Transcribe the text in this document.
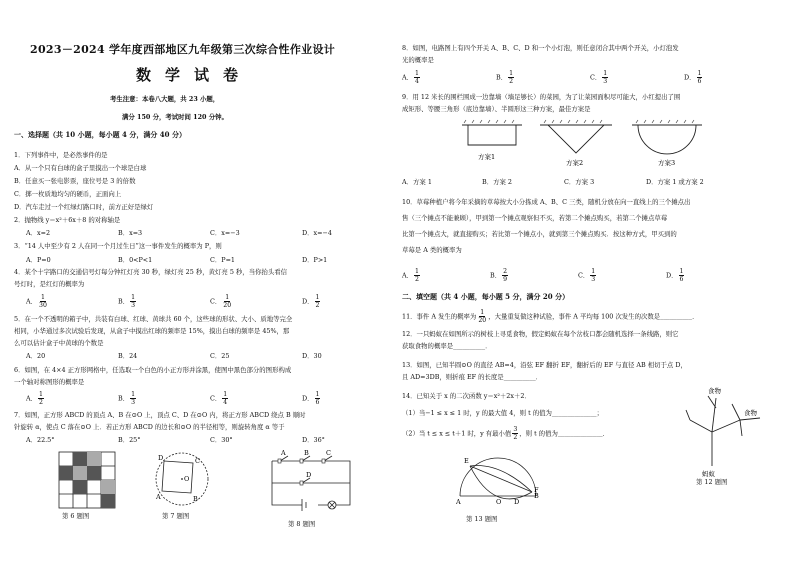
2023－2024 学年度西部地区九年级第三次综合性作业设计
数学试卷
考生注意：本卷八大题，共 23 小题，
满分 150 分，考试时间 120 分钟。
一、选择题（共 10 小题，每小题 4 分，满分 40 分）
1．下列事件中，是必然事件的是
A．从一个只有白球的盒子里摸出一个球是白球
B．任意买一张电影票，座位号是 3 的倍数
C．掷一枚质地均匀的硬币，正面向上
D．汽车走过一个红绿灯路口时，前方正好是绿灯
2．抛物线 y＝x²＋6x＋8 的对称轴是
A．x=2	B．x=3	C．x=−3	D．x=−4
3．“14 人中至少有 2 人在同一个月过生日”这一事件发生的概率为 P，则
A．P=0	B．0<P<1	C．P=1	D．P>1
4．某个十字路口的交通信号灯每分钟红灯亮 30 秒，绿灯亮 25 秒，黄灯亮 5 秒，当你抬头看信
号灯时，是红灯的概率为
A． $\frac{1}{30}$	B． $\frac{1}{3}$	C． $\frac{1}{20}$	D． $\frac{1}{2}$
5．在一个不透明的箱子中，共装有白球、红球、黄球共 60 个，这些球的形状、大小、质地等完全
相同，小华通过多次试验后发现，从盒子中摸出红球的频率是 15%，摸出白球的频率是 45%，那
么可以估计盒子中黄球的个数是
A．20	B．24	C．25	D．30
6．如图，在 4×4 正方形网格中，任选取一个白色的小正方形并涂黑，使图中黑色部分的图形构成
一个轴对称图形的概率是
A． $\frac{1}{2}$	B． $\frac{1}{3}$	C． $\frac{1}{4}$	D． $\frac{1}{6}$
7．如图，正方形 ABCD 的顶点 A、B 在⊙O 上，顶点 C、D 在⊙O 内，将正方形 ABCD 绕点 B 顺时
针旋转 α，使点 C 落在⊙O 上．若正方形 ABCD 的边长和⊙O 的半径相等，则旋转角度 α 等于
A．22.5°	B．25°	C．30°	D．36°
第 6 题图
D	C
O
A	B
第 7 题图
A	B	C
D
第 8 题图
8．如图，电路图上有四个开关 A、B、C、D 和一个小灯泡，则任意闭合其中两个开关，小灯泡发
光的概率是
A． $\frac{1}{4}$	B． $\frac{1}{2}$	C． $\frac{1}{3}$	D． $\frac{1}{6}$
9．用 12 米长的围栏围成一边靠墙（墙足够长）的菜园，为了让菜园面积尽可能大，小红提出了围
成矩形、等腰三角形（底边靠墙）、半圆形这三种方案，最佳方案是
方案1
方案2	方案3
A．方案 1	B．方案 2	C．方案 3	D．方案 1 或方案 2
10．草莓种植户将今年采摘的草莓按大小分拣成 A、B、C 三类，随机分放在向一直线上的三个摊点出
售（三个摊点不能兼顾），甲到第一个摊点观察但不买，若第二个摊点购买，若第二个摊点草莓
比第一个摊点大，就直接购买；若比第一个摊点小，就到第三个摊点购买．按这种方式，甲买到的
草莓是 A 类的概率为
A． $\frac{1}{2}$	B． $\frac{2}{9}$	C． $\frac{1}{3}$	D． $\frac{1}{6}$
二、填空题（共 4 小题，每小题 5 分，满分 20 分）
11．事件 A 发生的概率为 $\frac{1}{20}$ ，大量重复做这种试验，事件 A 平均每 100 次发生的次数是__________．
12．一只蚂蚁在如图所示的树枝上寻觅食物，假定蚂蚁在每个岔枝口都会随机选择一条线路，则它
获取食物的概率是__________．
13．如图，已知半圆⊙O 的直径 AB=4，沿弦 EF 翻折 EF，翻折后的 EF 与直径 AB 相切于点 D，
且 AD=3DB，则折痕 EF 的长度是__________．
14．已知关于 x 的二次函数 y＝x²＋2x＋2．
（1）当−1 ≤ x ≤ 1 时，y 的最大值 4，则 t 的值为______________；
（2）当 t ≤ x ≤ t＋1 时，y 有最小值 $\frac{3}{2}$ ，则 t 的值为______________．
E
A	O D
B
F
第 13 题图
食物
食物
蚂蚁
第 12 题图
